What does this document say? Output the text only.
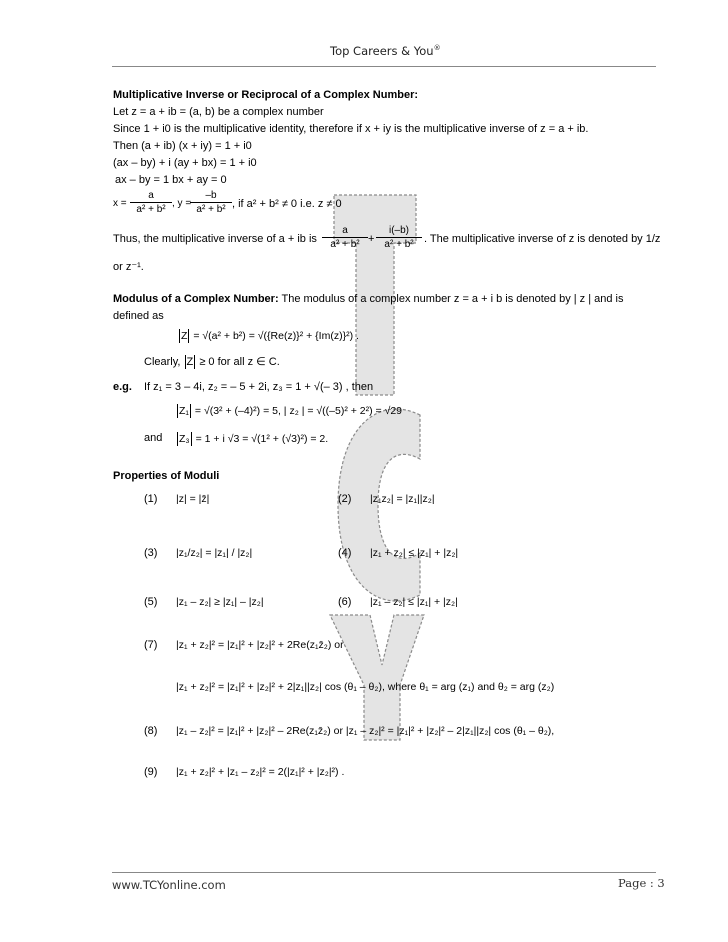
Top Careers & You®
Multiplicative Inverse or Reciprocal of a Complex Number:
Let z = a + ib = (a, b) be a complex number
Since 1 + i0 is the multiplicative identity, therefore if x + iy is the multiplicative inverse of z = a + ib.
Then (a + ib) (x + iy) = 1 + i0
(ax – by) + i (ay + bx) = 1 + i0
ax – by = 1 bx + ay = 0
x =
a
a² + b²
, y =
–b
a² + b² , if a² + b² ≠ 0 i.e. z ≠ 0
Thus, the multiplicative inverse of a + ib is
a
a² + b² +
i(–b)
a² + b² . The multiplicative inverse of z is denoted by 1/z
or z⁻¹.
Modulus of a Complex Number: The modulus of a complex number z = a + i b is denoted by | z | and is
defined as
Z = √(a² + b²) = √({Re(z)}² + {Im(z)}²) .
Clearly, Z ≥ 0 for all z ∈ C.
e.g. If z₁ = 3 – 4i, z₂ = – 5 + 2i, z₃ = 1 + √(– 3) , then
Z₁ = √(3² + (–4)²) = 5, | z₂ | = √((–5)² + 2²) = √29
and Z₃ = 1 + i √3 = √(1² + (√3)²) = 2.
Properties of Moduli
(1) |z| = |z̄|	(2) |z₁z₂| = |z₁||z₂|
(3) |z₁/z₂| = |z₁| / |z₂|	(4) |z₁ + z₂| ≤ |z₁| + |z₂|
(5) |z₁ – z₂| ≥ |z₁| – |z₂|	(6) |z₁ – z₂| ≤ |z₁| + |z₂|
(7) |z₁ + z₂|² = |z₁|² + |z₂|² + 2Re(z₁z̄₂) or
|z₁ + z₂|² = |z₁|² + |z₂|² + 2|z₁||z₂| cos (θ₁ – θ₂), where θ₁ = arg (z₁) and θ₂ = arg (z₂)
(8) |z₁ – z₂|² = |z₁|² + |z₂|² – 2Re(z₁z̄₂) or |z₁ – z₂|² = |z₁|² + |z₂|² – 2|z₁||z₂| cos (θ₁ – θ₂),
(9) |z₁ + z₂|² + |z₁ – z₂|² = 2(|z₁|² + |z₂|²) .
www.TCYonline.com	Page : 3
